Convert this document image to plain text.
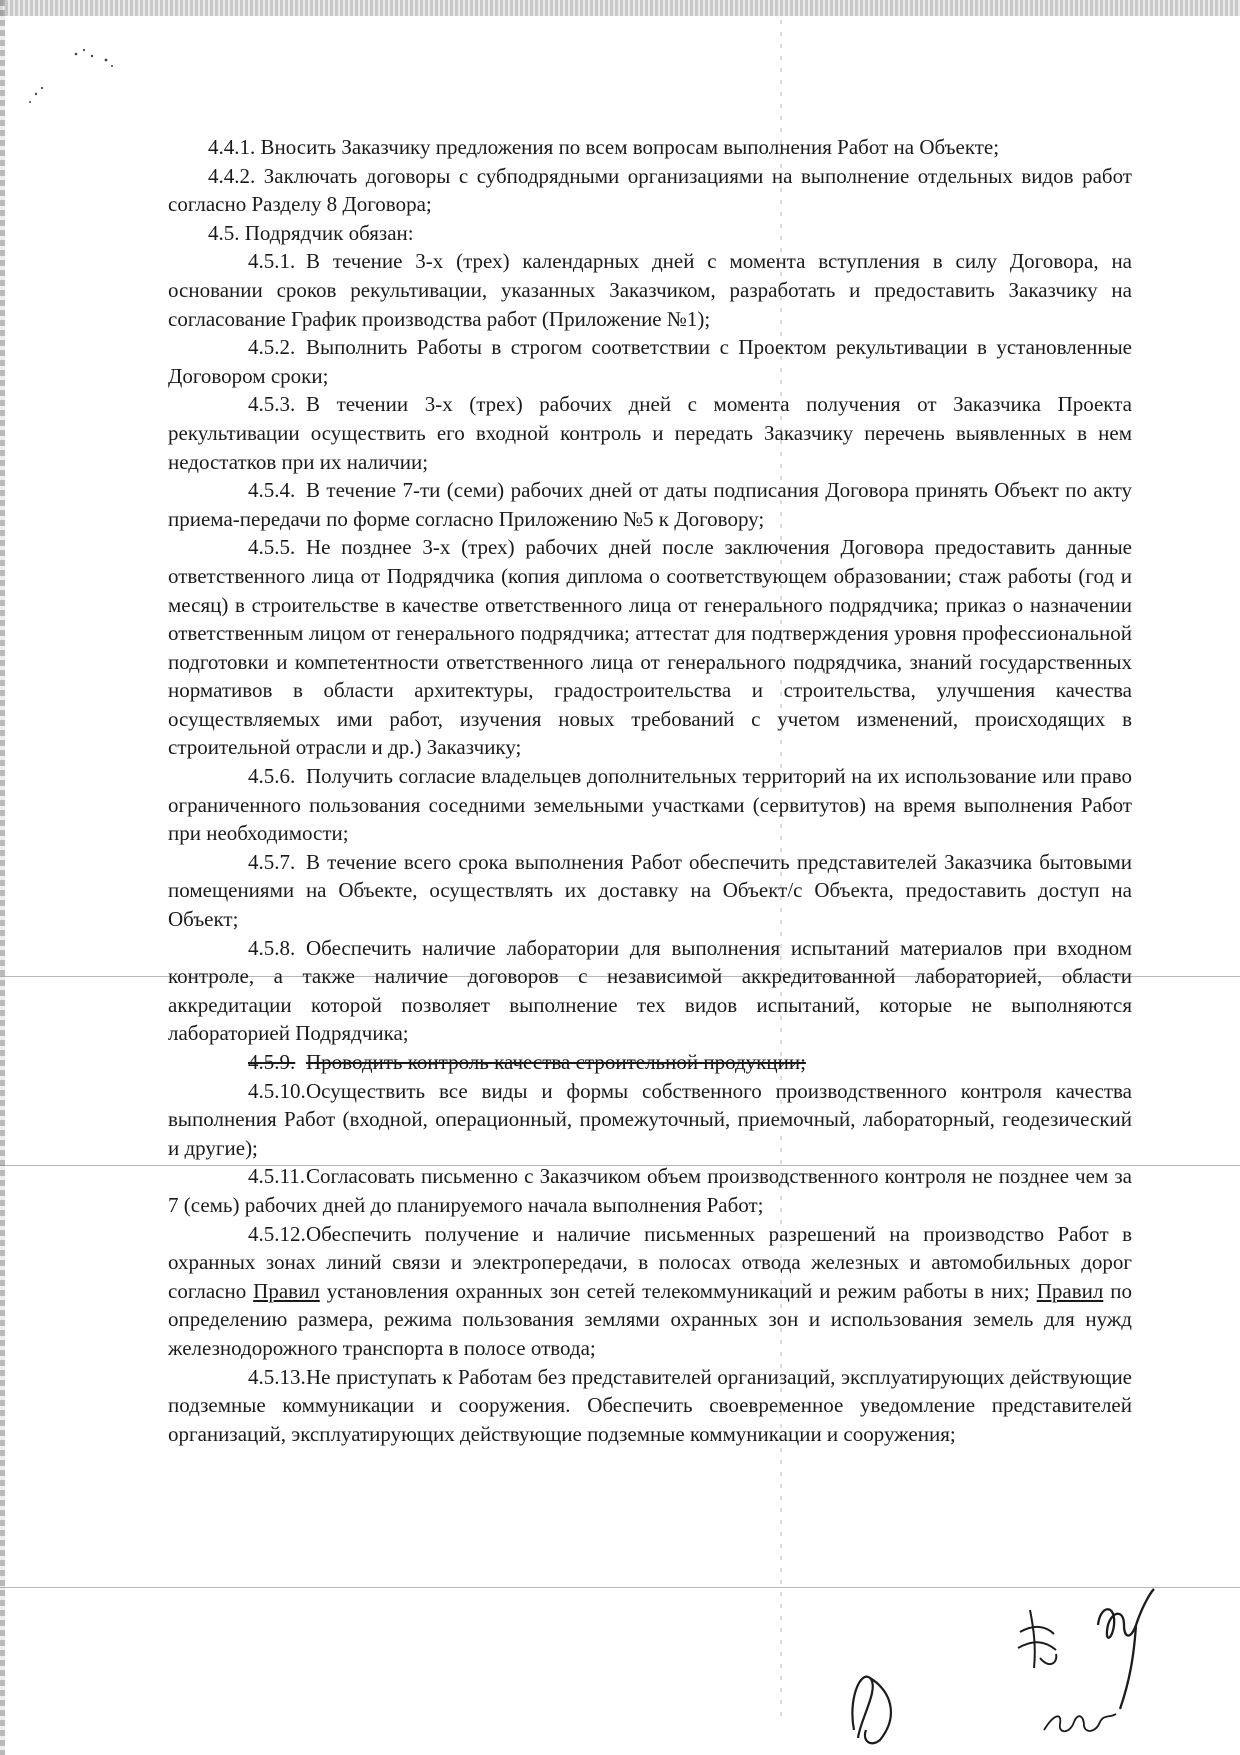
4.4.1. Вносить Заказчику предложения по всем вопросам выполнения Работ на Объекте;

4.4.2. Заключать договоры с субподрядными организациями на выполнение отдельных видов работ согласно Разделу 8 Договора;

4.5. Подрядчик обязан:

4.5.1. В течение 3-х (трех) календарных дней с момента вступления в силу Договора, на основании сроков рекультивации, указанных Заказчиком, разработать и предоставить Заказчику на согласование График производства работ (Приложение №1);

4.5.2. Выполнить Работы в строгом соответствии с Проектом рекультивации в установленные Договором сроки;

4.5.3. В течении 3-х (трех) рабочих дней с момента получения от Заказчика Проекта рекультивации осуществить его входной контроль и передать Заказчику перечень выявленных в нем недостатков при их наличии;

4.5.4. В течение 7-ти (семи) рабочих дней от даты подписания Договора принять Объект по акту приема-передачи по форме согласно Приложению №5 к Договору;

4.5.5. Не позднее 3-х (трех) рабочих дней после заключения Договора предоставить данные ответственного лица от Подрядчика (копия диплома о соответствующем образовании; стаж работы (год и месяц) в строительстве в качестве ответственного лица от генерального подрядчика; приказ о назначении ответственным лицом от генерального подрядчика; аттестат для подтверждения уровня профессиональной подготовки и компетентности ответственного лица от генерального подрядчика, знаний государственных нормативов в области архитектуры, градостроительства и строительства, улучшения качества осуществляемых ими работ, изучения новых требований с учетом изменений, происходящих в строительной отрасли и др.) Заказчику;

4.5.6. Получить согласие владельцев дополнительных территорий на их использование или право ограниченного пользования соседними земельными участками (сервитутов) на время выполнения Работ при необходимости;

4.5.7. В течение всего срока выполнения Работ обеспечить представителей Заказчика бытовыми помещениями на Объекте, осуществлять их доставку на Объект/с Объекта, предоставить доступ на Объект;

4.5.8. Обеспечить наличие лаборатории для выполнения испытаний материалов при входном контроле, а также наличие договоров с независимой аккредитованной лабораторией, области аккредитации которой позволяет выполнение тех видов испытаний, которые не выполняются лабораторией Подрядчика;

4.5.9. Проводить контроль качества строительной продукции;

4.5.10.Осуществить все виды и формы собственного производственного контроля качества выполнения Работ (входной, операционный, промежуточный, приемочный, лабораторный, геодезический и другие);

4.5.11.Согласовать письменно с Заказчиком объем производственного контроля не позднее чем за 7 (семь) рабочих дней до планируемого начала выполнения Работ;

4.5.12.Обеспечить получение и наличие письменных разрешений на производство Работ в охранных зонах линий связи и электропередачи, в полосах отвода железных и автомобильных дорог согласно Правил установления охранных зон сетей телекоммуникаций и режим работы в них; Правил по определению размера, режима пользования землями охранных зон и использования земель для нужд железнодорожного транспорта в полосе отвода;

4.5.13.Не приступать к Работам без представителей организаций, эксплуатирующих действующие подземные коммуникации и сооружения. Обеспечить своевременное уведомление представителей организаций, эксплуатирующих действующие подземные коммуникации и сооружения;
